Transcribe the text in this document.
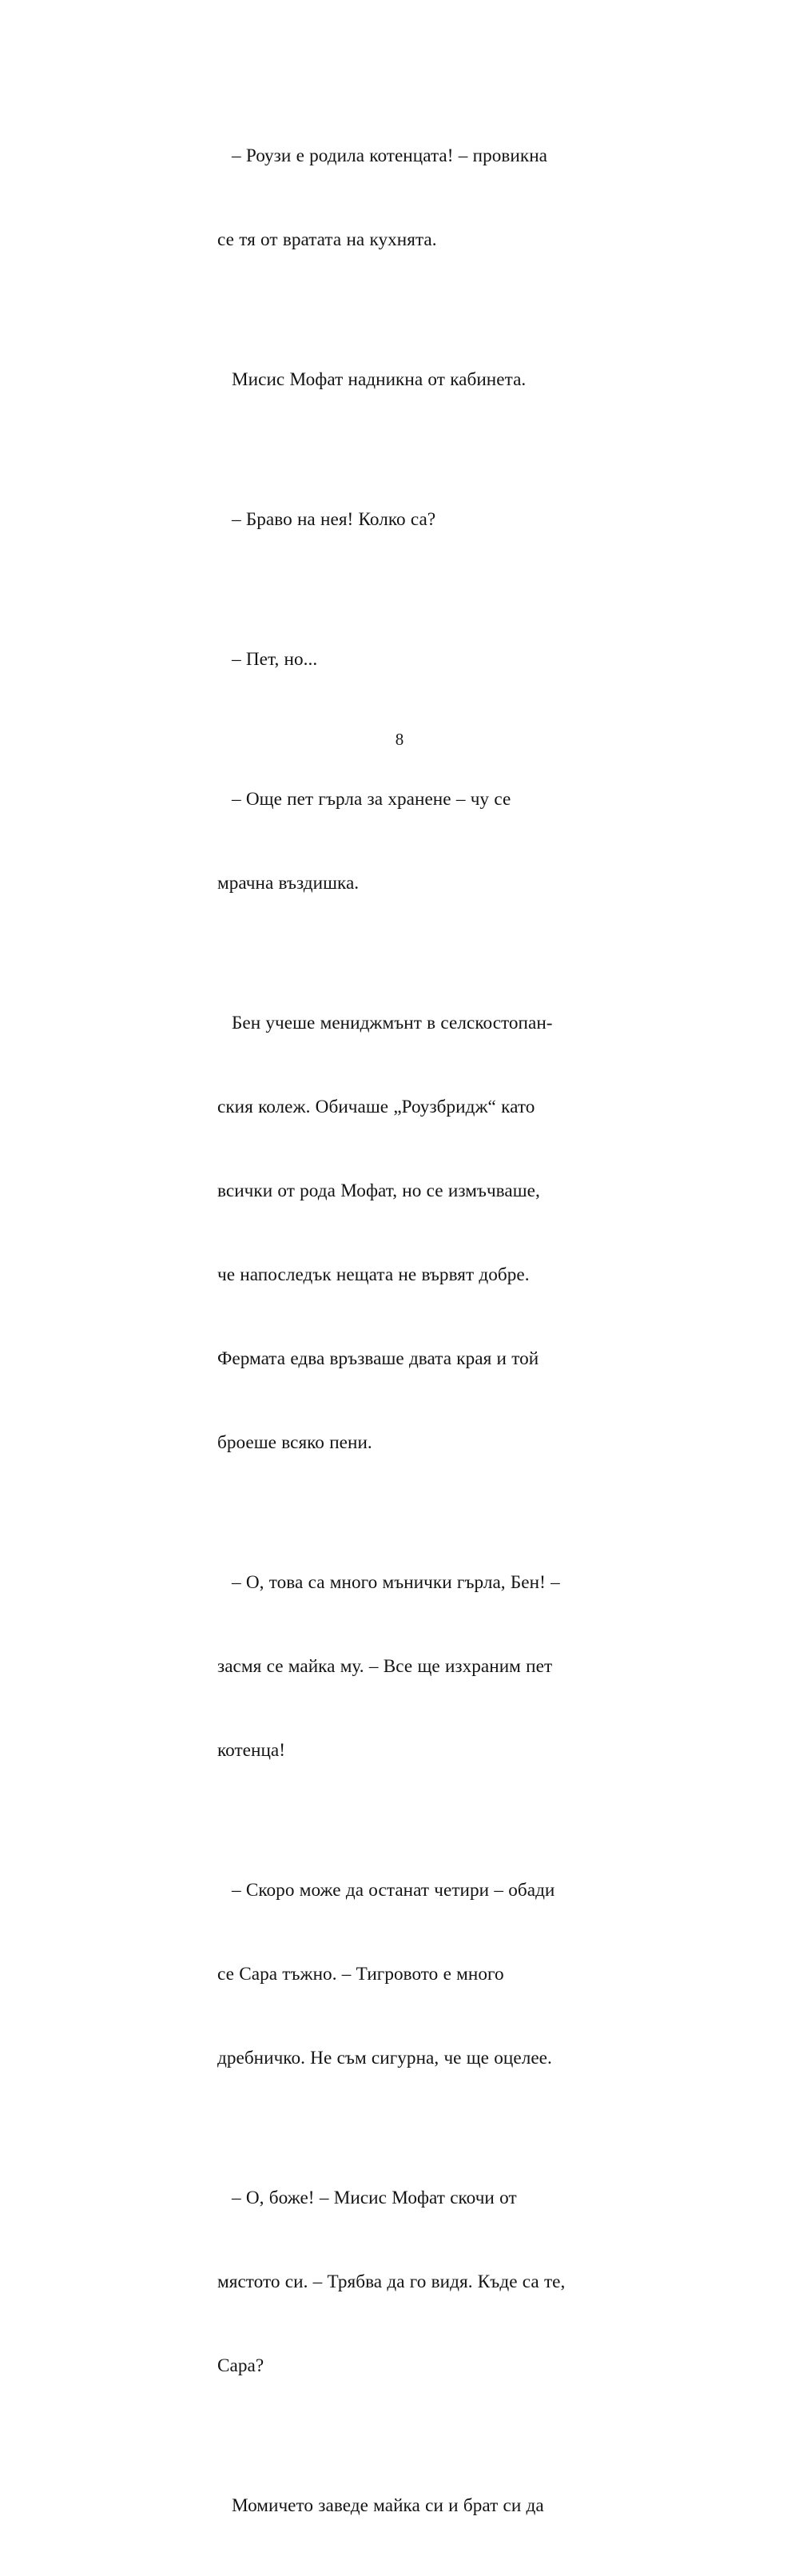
– Роузи е родила котенцата! – провикна

се тя от вратата на кухнята.

Мисис Мофат надникна от кабинета.

– Браво на нея! Колко са?

– Пет, но...

– Още пет гърла за хранене – чу се

мрачна въздишка.

Бен учеше мениджмънт в селскостопан-

ския колеж. Обичаше „Роузбридж“ като

всички от рода Мофат, но се измъчваше,

че напоследък нещата не вървят добре.

Фермата едва връзваше двата края и той

броеше всяко пени.

– О, това са много мънички гърла, Бен! –

засмя се майка му. – Все ще изхраним пет

котенца!

– Скоро може да останат четири – обади

се Сара тъжно. – Тигровото е много

дребничко. Не съм сигурна, че ще оцелее.

– О, боже! – Мисис Мофат скочи от

мястото си. – Трябва да го видя. Къде са те,

Сара?

Момичето заведе майка си и брат си да

8
